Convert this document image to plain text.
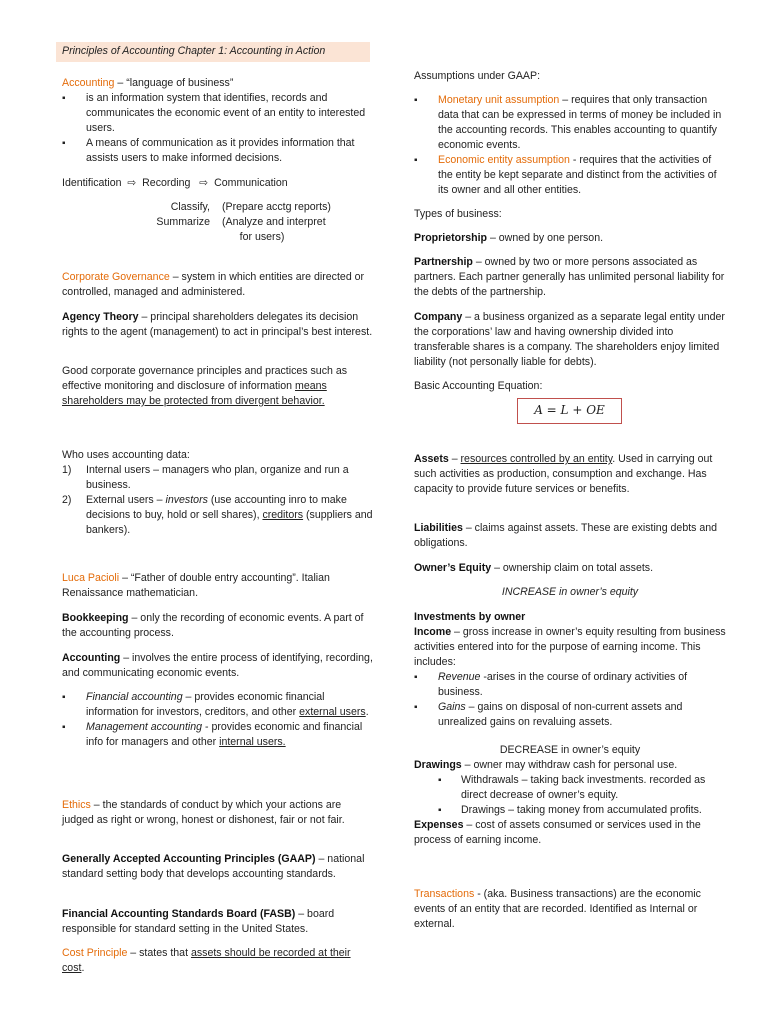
Principles of Accounting Chapter 1: Accounting in Action

Accounting – “language of business”

▪ is an information system that identifies, records and communicates the economic event of an entity to interested users.
▪ A means of communication as it provides information that assists users to make informed decisions.

Identification ⇨ Recording ⇨ Communication

Classify,
Summarize
(Prepare acctg reports)
(Analyze and interpret
for users)

Corporate Governance – system in which entities are directed or controlled, managed and administered.

Agency Theory – principal shareholders delegates its decision rights to the agent (management) to act in principal’s best interest.

Good corporate governance principles and practices such as effective monitoring and disclosure of information means shareholders may be protected from divergent behavior.

Who uses accounting data:

1) Internal users – managers who plan, organize and run a business.
2) External users – investors (use accounting inro to make decisions to buy, hold or sell shares), creditors (suppliers and bankers).

Luca Pacioli – “Father of double entry accounting”. Italian Renaissance mathematician.

Bookkeeping – only the recording of economic events. A part of the accounting process.

Accounting – involves the entire process of identifying, recording, and communicating economic events.

▪ Financial accounting – provides economic financial information for investors, creditors, and other external users.
▪ Management accounting - provides economic and financial info for managers and other internal users.

Ethics – the standards of conduct by which your actions are judged as right or wrong, honest or dishonest, fair or not fair.

Generally Accepted Accounting Principles (GAAP) – national standard setting body that develops accounting standards.

Financial Accounting Standards Board (FASB) – board responsible for standard setting in the United States.

Cost Principle – states that assets should be recorded at their cost.

Assumptions under GAAP:

▪ Monetary unit assumption – requires that only transaction data that can be expressed in terms of money be included in the accounting records. This enables accounting to quantify economic events.
▪ Economic entity assumption - requires that the activities of the entity be kept separate and distinct from the activities of its owner and all other entities.
Types of business:

Proprietorship – owned by one person.

Partnership – owned by two or more persons associated as partners. Each partner generally has unlimited personal liability for the debts of the partnership.

Company – a business organized as a separate legal entity under the corporations’ law and having ownership divided into transferable shares is a company. The shareholders enjoy limited liability (not personally liable for debts).

Basic Accounting Equation:
A = L + OE

Assets – resources controlled by an entity. Used in carrying out such activities as production, consumption and exchange. Has capacity to provide future services or benefits.

Liabilities – claims against assets. These are existing debts and obligations.

Owner’s Equity – ownership claim on total assets.

INCREASE in owner’s equity

Investments by owner

Income – gross increase in owner’s equity resulting from business activities entered into for the purpose of earning income. This includes:

▪ Revenue -arises in the course of ordinary activities of business.
▪ Gains – gains on disposal of non-current assets and unrealized gains on revaluing assets.
DECREASE in owner’s equity

Drawings – owner may withdraw cash for personal use.

▪ Withdrawals – taking back investments. recorded as direct decrease of owner’s equity.
▪ Drawings – taking money from accumulated profits.

Expenses – cost of assets consumed or services used in the process of earning income.

Transactions - (aka. Business transactions) are the economic events of an entity that are recorded. Identified as Internal or external.
